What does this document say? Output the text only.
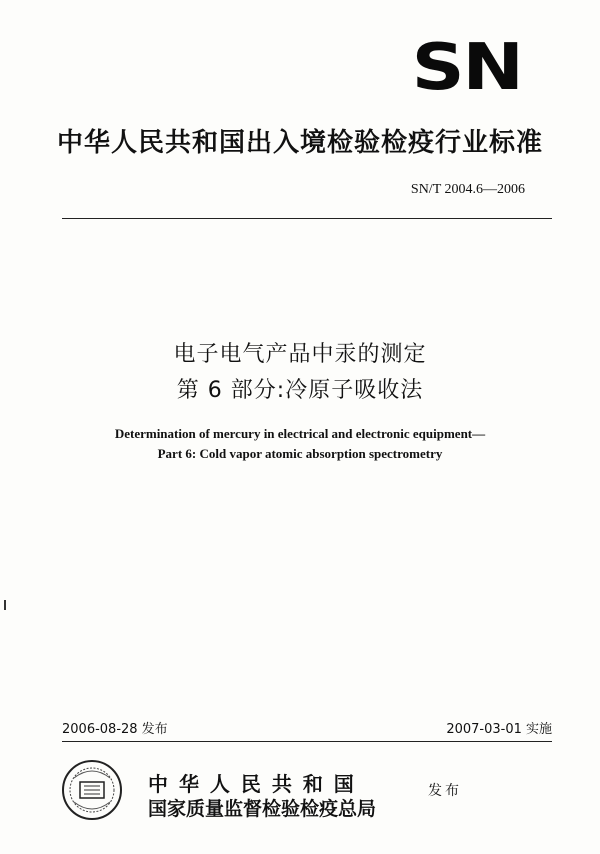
SN
中华人民共和国出入境检验检疫行业标准
SN/T 2004.6—2006
电子电气产品中汞的测定
第 6 部分:冷原子吸收法
Determination of mercury in electrical and electronic equipment—
Part 6: Cold vapor atomic absorption spectrometry
2006-08-28 发布	2007-03-01 实施
中 华 人 民 共 和 国
国家质量监督检验检疫总局
发布
